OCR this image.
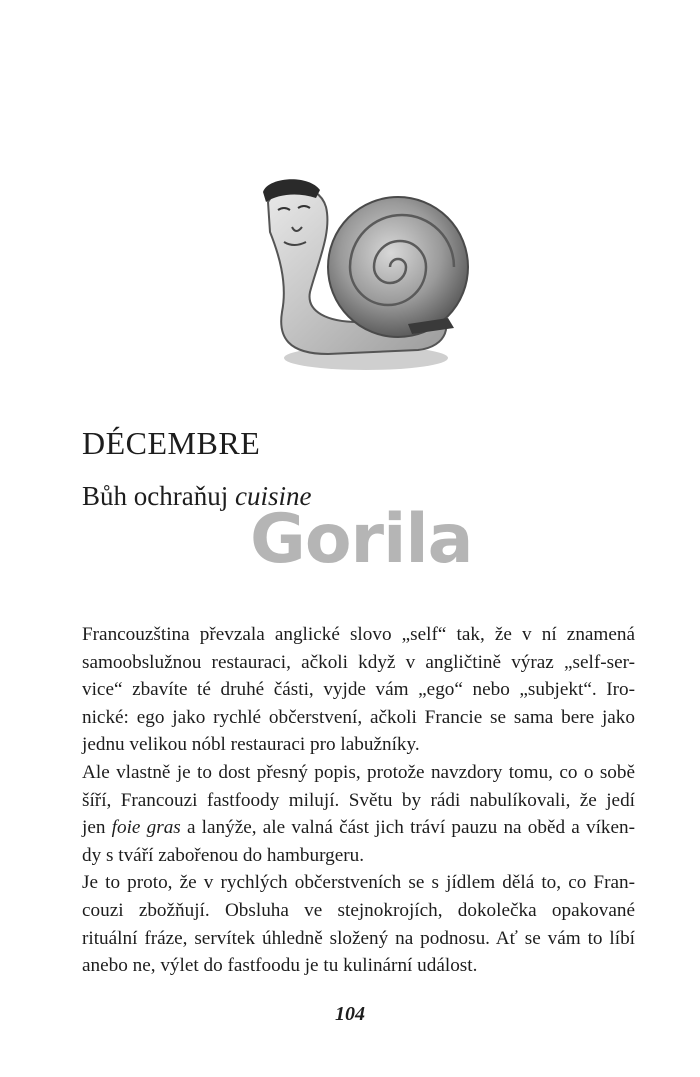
DÉCEMBRE
Bůh ochraňuj cuisine
Gorila

Francouzština převzala anglické slovo „self“ tak, že v ní znamená
samoobslužnou restauraci, ačkoli když v angličtině výraz „self-ser-
vice“ zbavíte té druhé části, vyjde vám „ego“ nebo „subjekt“. Iro-
nické: ego jako rychlé občerstvení, ačkoli Francie se sama bere jako
jednu velikou nóbl restauraci pro labužníky.

Ale vlastně je to dost přesný popis, protože navzdory tomu, co o sobě
šíří, Francouzi fastfoody milují. Světu by rádi nabulíkovali, že jedí
jen foie gras a lanýže, ale valná část jich tráví pauzu na oběd a víken-
dy s tváří zabořenou do hamburgeru.

Je to proto, že v rychlých občerstveních se s jídlem dělá to, co Fran-
couzi zbožňují. Obsluha ve stejnokrojích, dokolečka opakované
rituální fráze, servítek úhledně složený na podnosu. Ať se vám to líbí
anebo ne, výlet do fastfoodu je tu kulinární událost.

104
